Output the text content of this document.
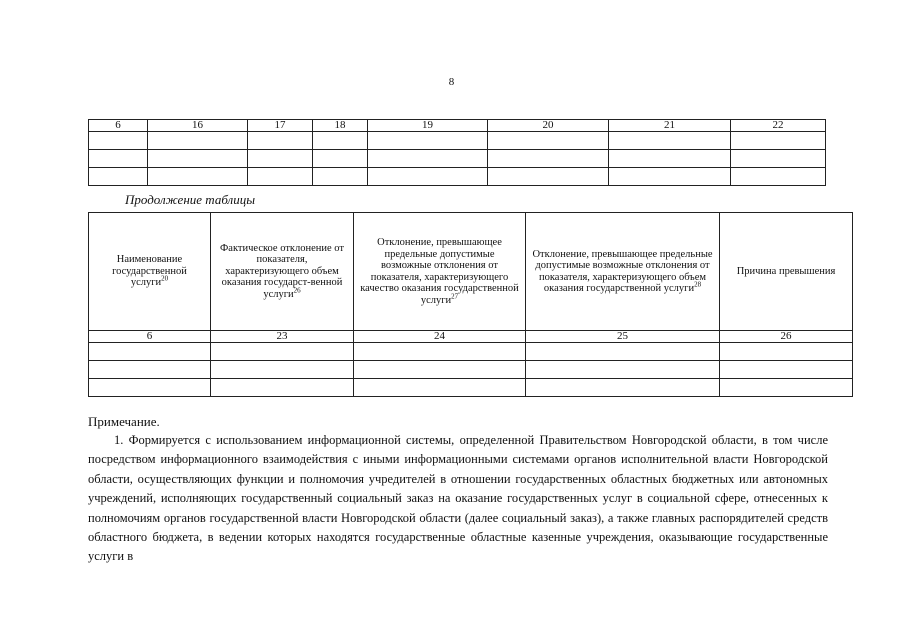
8
6	16	17	18	19	20	21	22

Продолжение таблицы
Наименование государственной услуги$^{20}$	Фактическое отклонение от показателя, характеризующего объем оказания государст-венной услуги$^{26}$	Отклонение, превышающее предельные допустимые возможные отклонения от показателя, характеризующего качество оказания государственной услуги$^{27}$	Отклонение, превышающее предельные допустимые возможные отклонения от показателя, характеризующего объем оказания государственной услуги$^{28}$	Причина превышения
6	23	24	25	26

Примечание.
1. Формируется с использованием информационной системы, определенной Правительством Новгородской области, в том числе посредством информационного взаимодействия с иными информационными системами органов исполнительной власти Новгородской области, осуществляющих функции и полномочия учредителей в отношении государственных областных бюджетных или автономных учреждений, исполняющих государственный социальный заказ на оказание государственных услуг в социальной сфере, отнесенных к полномочиям органов государственной власти Новгородской области (далее социальный заказ), а также главных распорядителей средств областного бюджета, в ведении которых находятся государственные областные казенные учреждения, оказывающие государственные услуги в
